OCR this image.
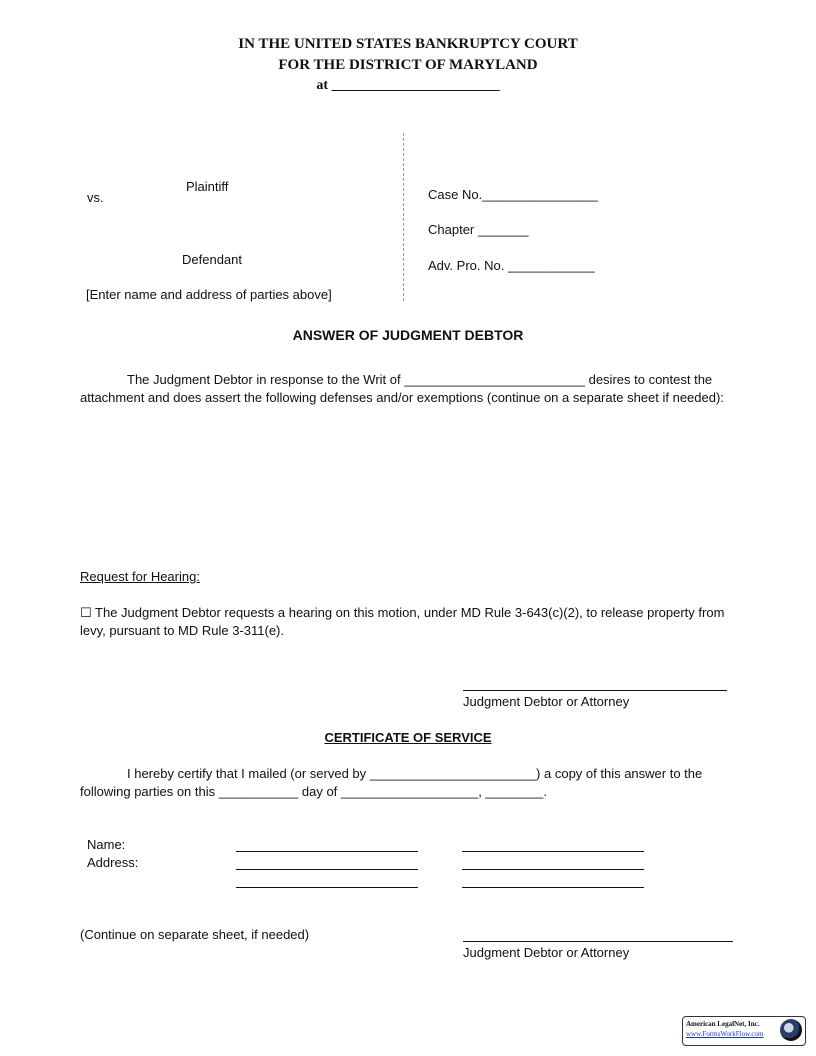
IN THE UNITED STATES BANKRUPTCY COURT
FOR THE DISTRICT OF MARYLAND
at ________________________
Plaintiff
vs.
Defendant
[Enter name and address of parties above]
Case No.________________
Chapter _______
Adv. Pro. No. ____________
ANSWER OF JUDGMENT DEBTOR
The Judgment Debtor in response to the Writ of _________________________ desires to contest the attachment and does assert the following defenses and/or exemptions (continue on a separate sheet if needed):
Request for Hearing:
☐ The Judgment Debtor requests a hearing on this motion, under MD Rule 3-643(c)(2), to release property from levy, pursuant to MD Rule 3-311(e).
Judgment Debtor or Attorney
CERTIFICATE OF SERVICE
I hereby certify that I mailed (or served by _______________________) a copy of this answer to the following parties on this ___________ day of ___________________, ________.
Name:
Address:
(Continue on separate sheet, if needed)
Judgment Debtor or Attorney
American LegalNet, Inc.
www.FormsWorkFlow.com
